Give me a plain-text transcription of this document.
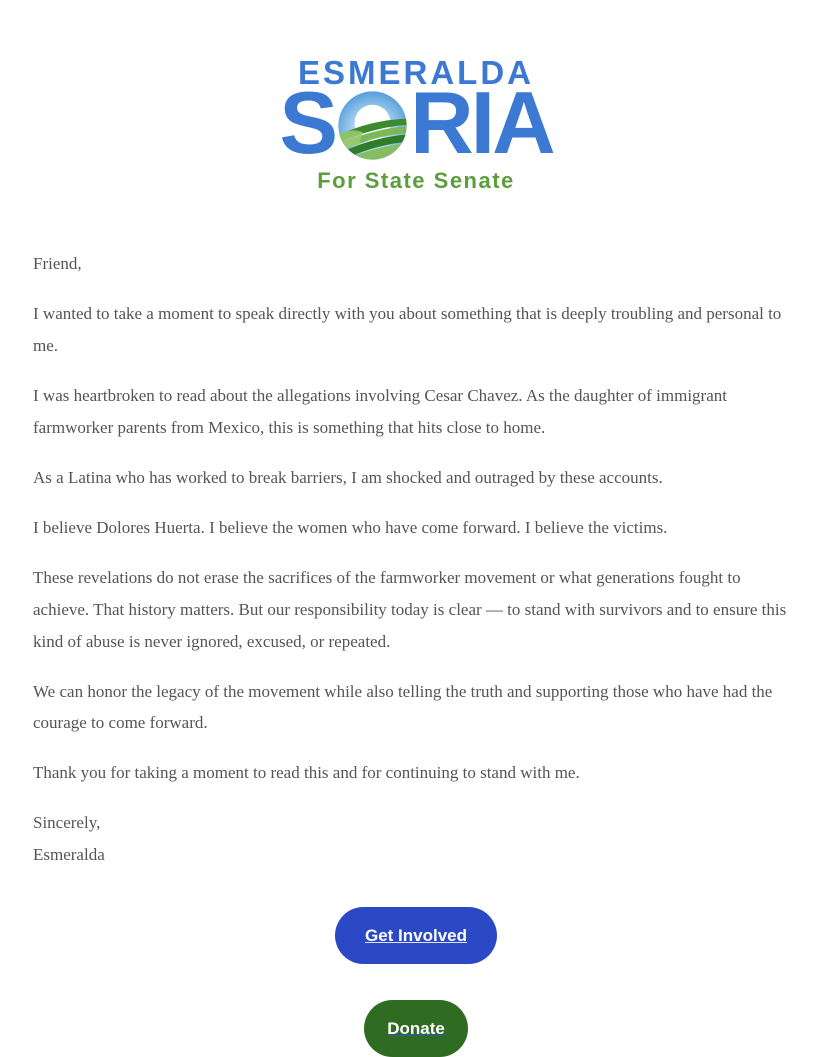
ESMERALDA
S RIA
For State Senate

Friend,

I wanted to take a moment to speak directly with you about something that is deeply troubling and personal to me.

I was heartbroken to read about the allegations involving Cesar Chavez. As the daughter of immigrant farmworker parents from Mexico, this is something that hits close to home.

As a Latina who has worked to break barriers, I am shocked and outraged by these accounts.

I believe Dolores Huerta. I believe the women who have come forward. I believe the victims.

These revelations do not erase the sacrifices of the farmworker movement or what generations fought to achieve. That history matters. But our responsibility today is clear — to stand with survivors and to ensure this kind of abuse is never ignored, excused, or repeated.

We can honor the legacy of the movement while also telling the truth and supporting those who have had the courage to come forward.

Thank you for taking a moment to read this and for continuing to stand with me.

Sincerely,
Esmeralda

Get Involved
Donate
